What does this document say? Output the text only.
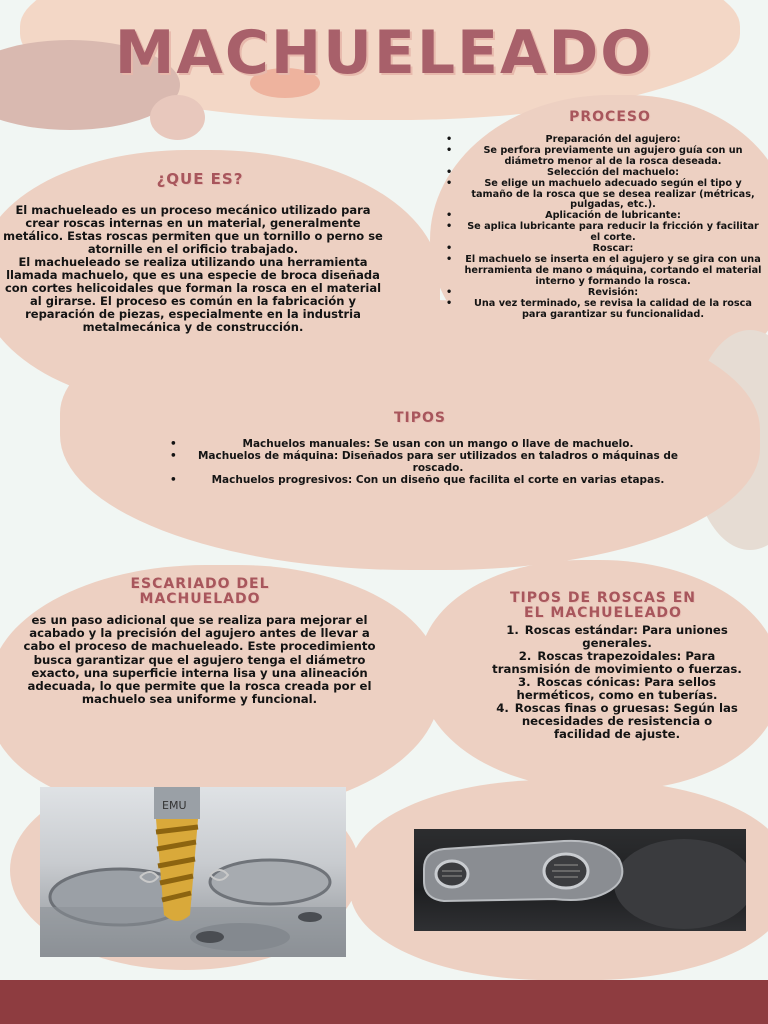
MACHUELEADO
¿QUE ES?
El machueleado es un proceso mecánico utilizado para crear roscas internas en un material, generalmente metálico. Estas roscas permiten que un tornillo o perno se atornille en el orificio trabajado.
El machueleado se realiza utilizando una herramienta llamada machuelo, que es una especie de broca diseñada con cortes helicoidales que forman la rosca en el material al girarse. El proceso es común en la fabricación y reparación de piezas, especialmente en la industria metalmecánica y de construcción.
PROCESO
• Preparación del agujero:
• Se perfora previamente un agujero guía con un diámetro menor al de la rosca deseada.
• Selección del machuelo:
• Se elige un machuelo adecuado según el tipo y tamaño de la rosca que se desea realizar (métricas, pulgadas, etc.).
• Aplicación de lubricante:
• Se aplica lubricante para reducir la fricción y facilitar el corte.
• Roscar:
• El machuelo se inserta en el agujero y se gira con una herramienta de mano o máquina, cortando el material interno y formando la rosca.
• Revisión:
• Una vez terminado, se revisa la calidad de la rosca para garantizar su funcionalidad.
TIPOS
• Machuelos manuales: Se usan con un mango o llave de machuelo.
• Machuelos de máquina: Diseñados para ser utilizados en taladros o máquinas de roscado.
• Machuelos progresivos: Con un diseño que facilita el corte en varias etapas.
ESCARIADO DEL
MACHUELADO
es un paso adicional que se realiza para mejorar el acabado y la precisión del agujero antes de llevar a cabo el proceso de machueleado. Este procedimiento busca garantizar que el agujero tenga el diámetro exacto, una superficie interna lisa y una alineación adecuada, lo que permite que la rosca creada por el machuelo sea uniforme y funcional.
TIPOS DE ROSCAS EN
EL MACHUELEADO
1. Roscas estándar: Para uniones generales.
2. Roscas trapezoidales: Para transmisión de movimiento o fuerzas.
3. Roscas cónicas: Para sellos herméticos, como en tuberías.
4. Roscas finas o gruesas: Según las necesidades de resistencia o facilidad de ajuste.
EMU
